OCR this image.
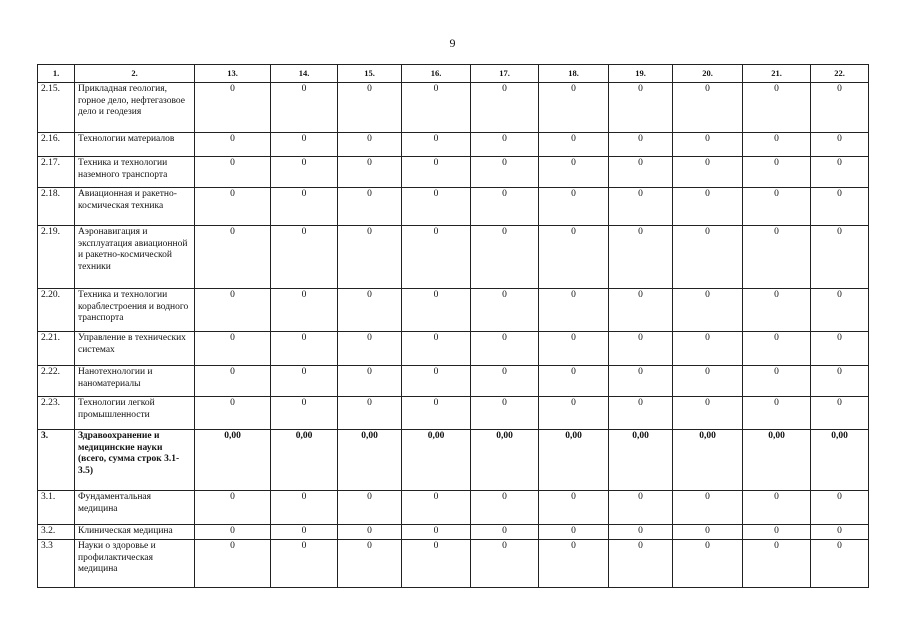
9
1.	2.	13.	14.	15.	16.	17.	18.	19.	20.	21.	22.
2.15.	Прикладная геология, горное дело, нефтегазовое дело и геодезия	0	0	0	0	0	0	0	0	0	0
2.16.	Технологии материалов	0	0	0	0	0	0	0	0	0	0
2.17.	Техника и технологии наземного транспорта	0	0	0	0	0	0	0	0	0	0
2.18.	Авиационная и ракетно-космическая техника	0	0	0	0	0	0	0	0	0	0
2.19.	Аэронавигация и эксплуатация авиационной и ракетно-космической техники	0	0	0	0	0	0	0	0	0	0
2.20.	Техника и технологии кораблестроения и водного транспорта	0	0	0	0	0	0	0	0	0	0
2.21.	Управление в технических системах	0	0	0	0	0	0	0	0	0	0
2.22.	Нанотехнологии и наноматериалы	0	0	0	0	0	0	0	0	0	0
2.23.	Технологии легкой промышленности	0	0	0	0	0	0	0	0	0	0
3.	Здравоохранение и медицинские науки (всего, сумма строк 3.1-3.5)	0,00	0,00	0,00	0,00	0,00	0,00	0,00	0,00	0,00	0,00
3.1.	Фундаментальная медицина	0	0	0	0	0	0	0	0	0	0
3.2.	Клиническая медицина	0	0	0	0	0	0	0	0	0	0
3.3	Науки о здоровье и профилактическая медицина	0	0	0	0	0	0	0	0	0	0
